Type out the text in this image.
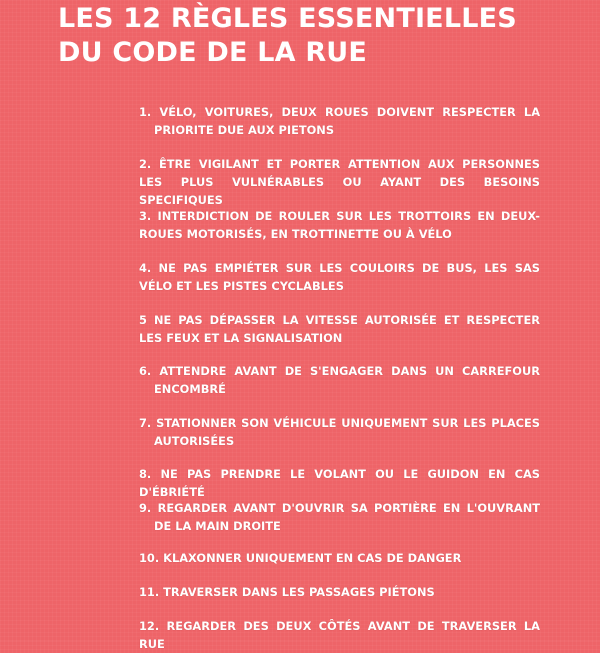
LES 12 RÈGLES ESSENTIELLES
DU CODE DE LA RUE
1. VÉLO, VOITURES, DEUX ROUES DOIVENT RESPECTER LA PRIORITE DUE AUX PIETONS
2. ÊTRE VIGILANT ET PORTER ATTENTION AUX PERSONNES LES PLUS VULNÉRABLES OU AYANT DES BESOINS SPECIFIQUES
3. INTERDICTION DE ROULER SUR LES TROTTOIRS EN DEUX-ROUES MOTORISÉS, EN TROTTINETTE OU À VÉLO
4. NE PAS EMPIÉTER SUR LES COULOIRS DE BUS, LES SAS VÉLO ET LES PISTES CYCLABLES
5 NE PAS DÉPASSER LA VITESSE AUTORISÉE ET RESPECTER LES FEUX ET LA SIGNALISATION
6. ATTENDRE AVANT DE S'ENGAGER DANS UN CARREFOUR ENCOMBRÉ
7. STATIONNER SON VÉHICULE UNIQUEMENT SUR LES PLACES AUTORISÉES
8. NE PAS PRENDRE LE VOLANT OU LE GUIDON EN CAS D'ÉBRIÉTÉ
9. REGARDER AVANT D'OUVRIR SA PORTIÈRE EN L'OUVRANT DE LA MAIN DROITE
10. KLAXONNER UNIQUEMENT EN CAS DE DANGER
11. TRAVERSER DANS LES PASSAGES PIÉTONS
12. REGARDER DES DEUX CÔTÉS AVANT DE TRAVERSER LA RUE
